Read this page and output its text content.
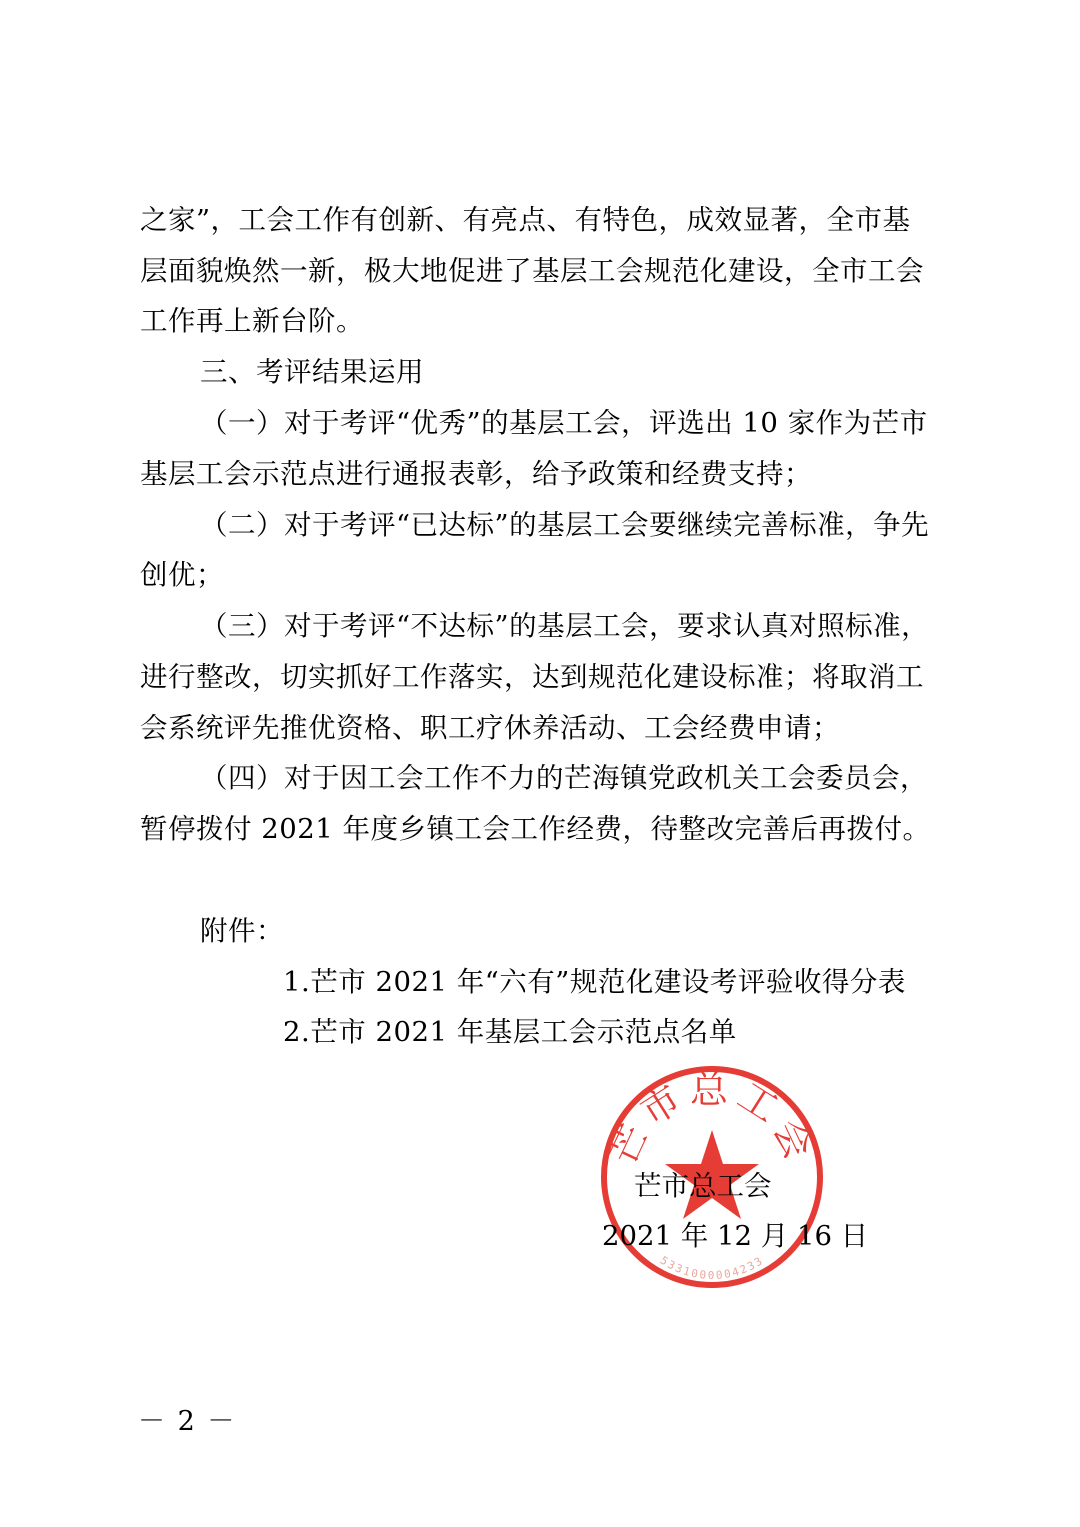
之家”，工会工作有创新、有亮点、有特色，成效显著，全市基
层面貌焕然一新，极大地促进了基层工会规范化建设，全市工会
工作再上新台阶。
三、考评结果运用
（一）对于考评“优秀”的基层工会，评选出 10 家作为芒市
基层工会示范点进行通报表彰，给予政策和经费支持；
（二）对于考评“已达标”的基层工会要继续完善标准，争先
创优；
（三）对于考评“不达标”的基层工会，要求认真对照标准，
进行整改，切实抓好工作落实，达到规范化建设标准；将取消工
会系统评先推优资格、职工疗休养活动、工会经费申请；
（四）对于因工会工作不力的芒海镇党政机关工会委员会，
暂停拨付 2021 年度乡镇工会工作经费，待整改完善后再拨付。
附件：
1.芒市 2021 年“六有”规范化建设考评验收得分表
2.芒市 2021 年基层工会示范点名单
芒市总工会
5331000004233
芒市总工会
2021 年 12 月 16 日
－ 2 －
